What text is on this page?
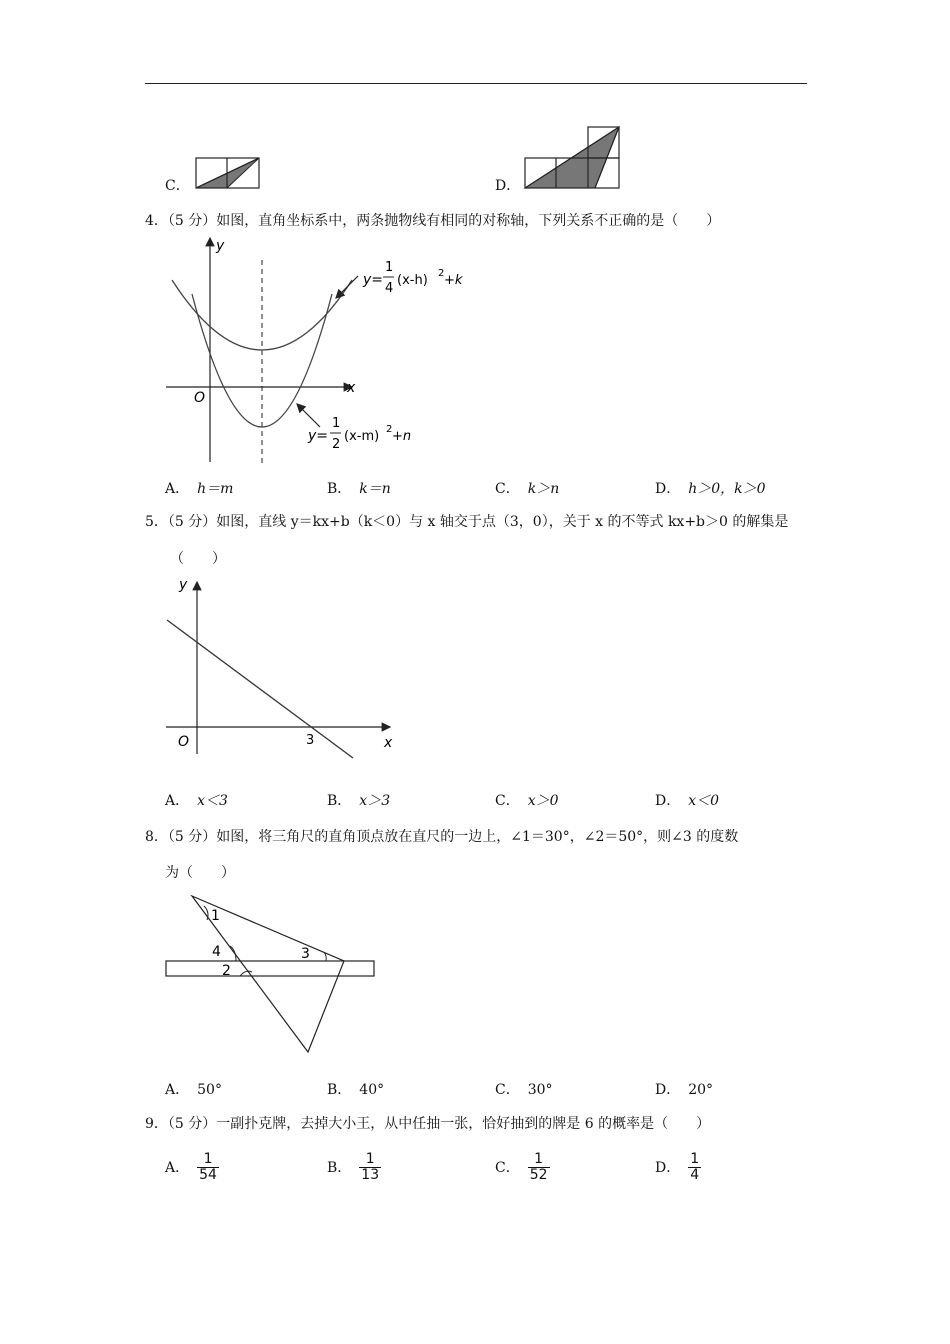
C．	D．
4．（5 分）如图，直角坐标系中，两条抛物线有相同的对称轴，下列关系不正确的是（　　）
x
y
O
y=
1
4
(x-h) 2 +k
y=
1
2
(x-m) 2 +n
A． h＝m	B． k＝n	C． k＞n	D． h＞0，k＞0
5．（5 分）如图，直线 y＝kx+b（k＜0）与 x 轴交于点（3，0），关于 x 的不等式 kx+b＞0 的解集是
（　　）
x
y
O	3
A． x＜3	B． x＞3	C． x＞0	D． x＜0
8．（5 分）如图，将三角尺的直角顶点放在直尺的一边上，∠1＝30°，∠2＝50°，则∠3 的度数
为（　　）
1
2
3
4
A． 50°	B． 40°	C． 30°	D． 20°
9．（5 分）一副扑克牌，去掉大小王，从中任抽一张，恰好抽到的牌是 6 的概率是（　　）
A． $\frac{1}{54}$	B． $\frac{1}{13}$	C． $\frac{1}{52}$	D． $\frac{1}{4}$
